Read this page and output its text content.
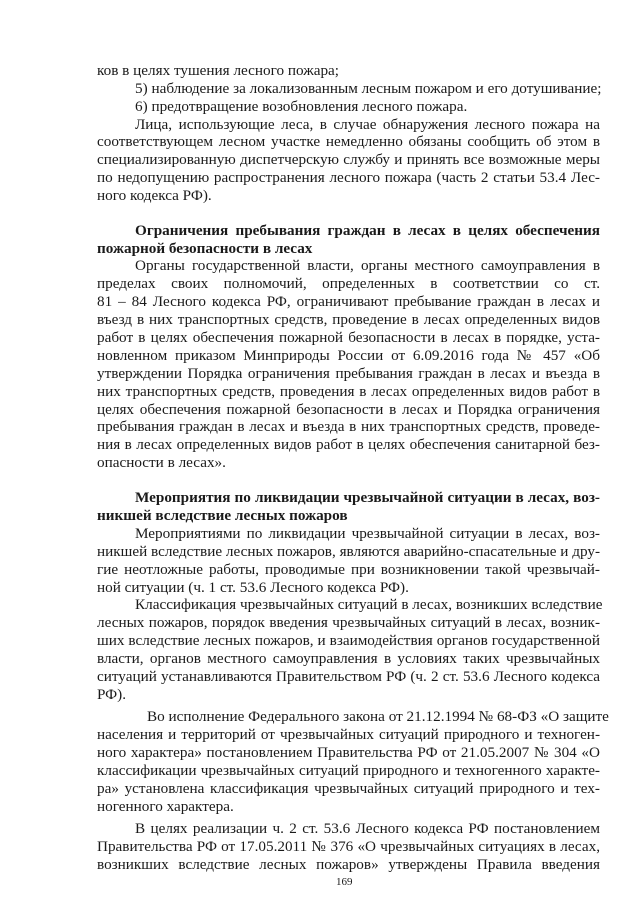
ков в целях тушения лесного пожара;

5) наблюдение за локализованным лесным пожаром и его дотушивание;

6) предотвращение возобновления лесного пожара.

Лица, использующие леса, в случае обнаружения лесного пожара на

соответствующем лесном участке немедленно обязаны сообщить об этом в

специализированную диспетчерскую службу и принять все возможные меры

по недопущению распространения лесного пожара (часть 2 статьи 53.4 Лес-

ного кодекса РФ).

Ограничения пребывания граждан в лесах в целях обеспечения

пожарной безопасности в лесах

Органы государственной власти, органы местного самоуправления в

пределах своих полномочий, определенных в соответствии со ст.

81 – 84 Лесного кодекса РФ, ограничивают пребывание граждан в лесах и

въезд в них транспортных средств, проведение в лесах определенных видов

работ в целях обеспечения пожарной безопасности в лесах в порядке, уста-

новленном приказом Минприроды России от 6.09.2016 года № 457 «Об

утверждении Порядка ограничения пребывания граждан в лесах и въезда в

них транспортных средств, проведения в лесах определенных видов работ в

целях обеспечения пожарной безопасности в лесах и Порядка ограничения

пребывания граждан в лесах и въезда в них транспортных средств, проведе-

ния в лесах определенных видов работ в целях обеспечения санитарной без-

опасности в лесах».

Мероприятия по ликвидации чрезвычайной ситуации в лесах, воз-

никшей вследствие лесных пожаров

Мероприятиями по ликвидации чрезвычайной ситуации в лесах, воз-

никшей вследствие лесных пожаров, являются аварийно-спасательные и дру-

гие неотложные работы, проводимые при возникновении такой чрезвычай-

ной ситуации (ч. 1 ст. 53.6 Лесного кодекса РФ).

Классификация чрезвычайных ситуаций в лесах, возникших вследствие

лесных пожаров, порядок введения чрезвычайных ситуаций в лесах, возник-

ших вследствие лесных пожаров, и взаимодействия органов государственной

власти, органов местного самоуправления в условиях таких чрезвычайных

ситуаций устанавливаются Правительством РФ (ч. 2 ст. 53.6 Лесного кодекса

РФ).

Во исполнение Федерального закона от 21.12.1994 № 68-ФЗ «О защите

населения и территорий от чрезвычайных ситуаций природного и техноген-

ного характера» постановлением Правительства РФ от 21.05.2007 № 304 «О

классификации чрезвычайных ситуаций природного и техногенного характе-

ра» установлена классификация чрезвычайных ситуаций природного и тех-

ногенного характера.

В целях реализации ч. 2 ст. 53.6 Лесного кодекса РФ постановлением

Правительства РФ от 17.05.2011 № 376 «О чрезвычайных ситуациях в лесах,

возникших вследствие лесных пожаров» утверждены Правила введения

169
